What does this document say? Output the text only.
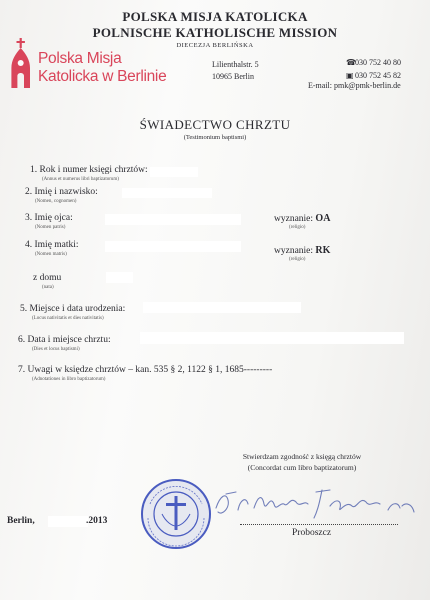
POLSKA MISJA KATOLICKA
POLNISCHE KATHOLISCHE MISSION
DIECEZJA BERLIŃSKA
Polska Misja
Katolicka w Berlinie
Lilienthalstr. 5
10965 Berlin
☎030 752 40 80
▣030 752 45 82
E-mail: pmk@pmk-berlin.de
ŚWIADECTWO CHRZTU
(Testimonium baptismi)
1. Rok i numer księgi chrztów:
(Annus et numerus libri baptizatorum)
2. Imię i nazwisko:
(Nomen, cognomen)
3. Imię ojca:
(Nomen patris)
wyznanie: OA
(religio)
4. Imię matki:
(Nomen matris)	wyznanie: RK
(religio)
z domu
(nata)
5. Miejsce i data urodzenia:
(Locus nativitatis et dies nativitatis)
6. Data i miejsce chrztu:
(Dies et locus baptismi)
7. Uwagi w księdze chrztów – kan. 535 § 2, 1122 § 1, 1685---------
(Adnotationes in libro baptizatorum)
Stwierdzam zgodność z księgą chrztów
(Concordat cum libro baptizatorum)
Berlin,	.2013
Proboszcz
